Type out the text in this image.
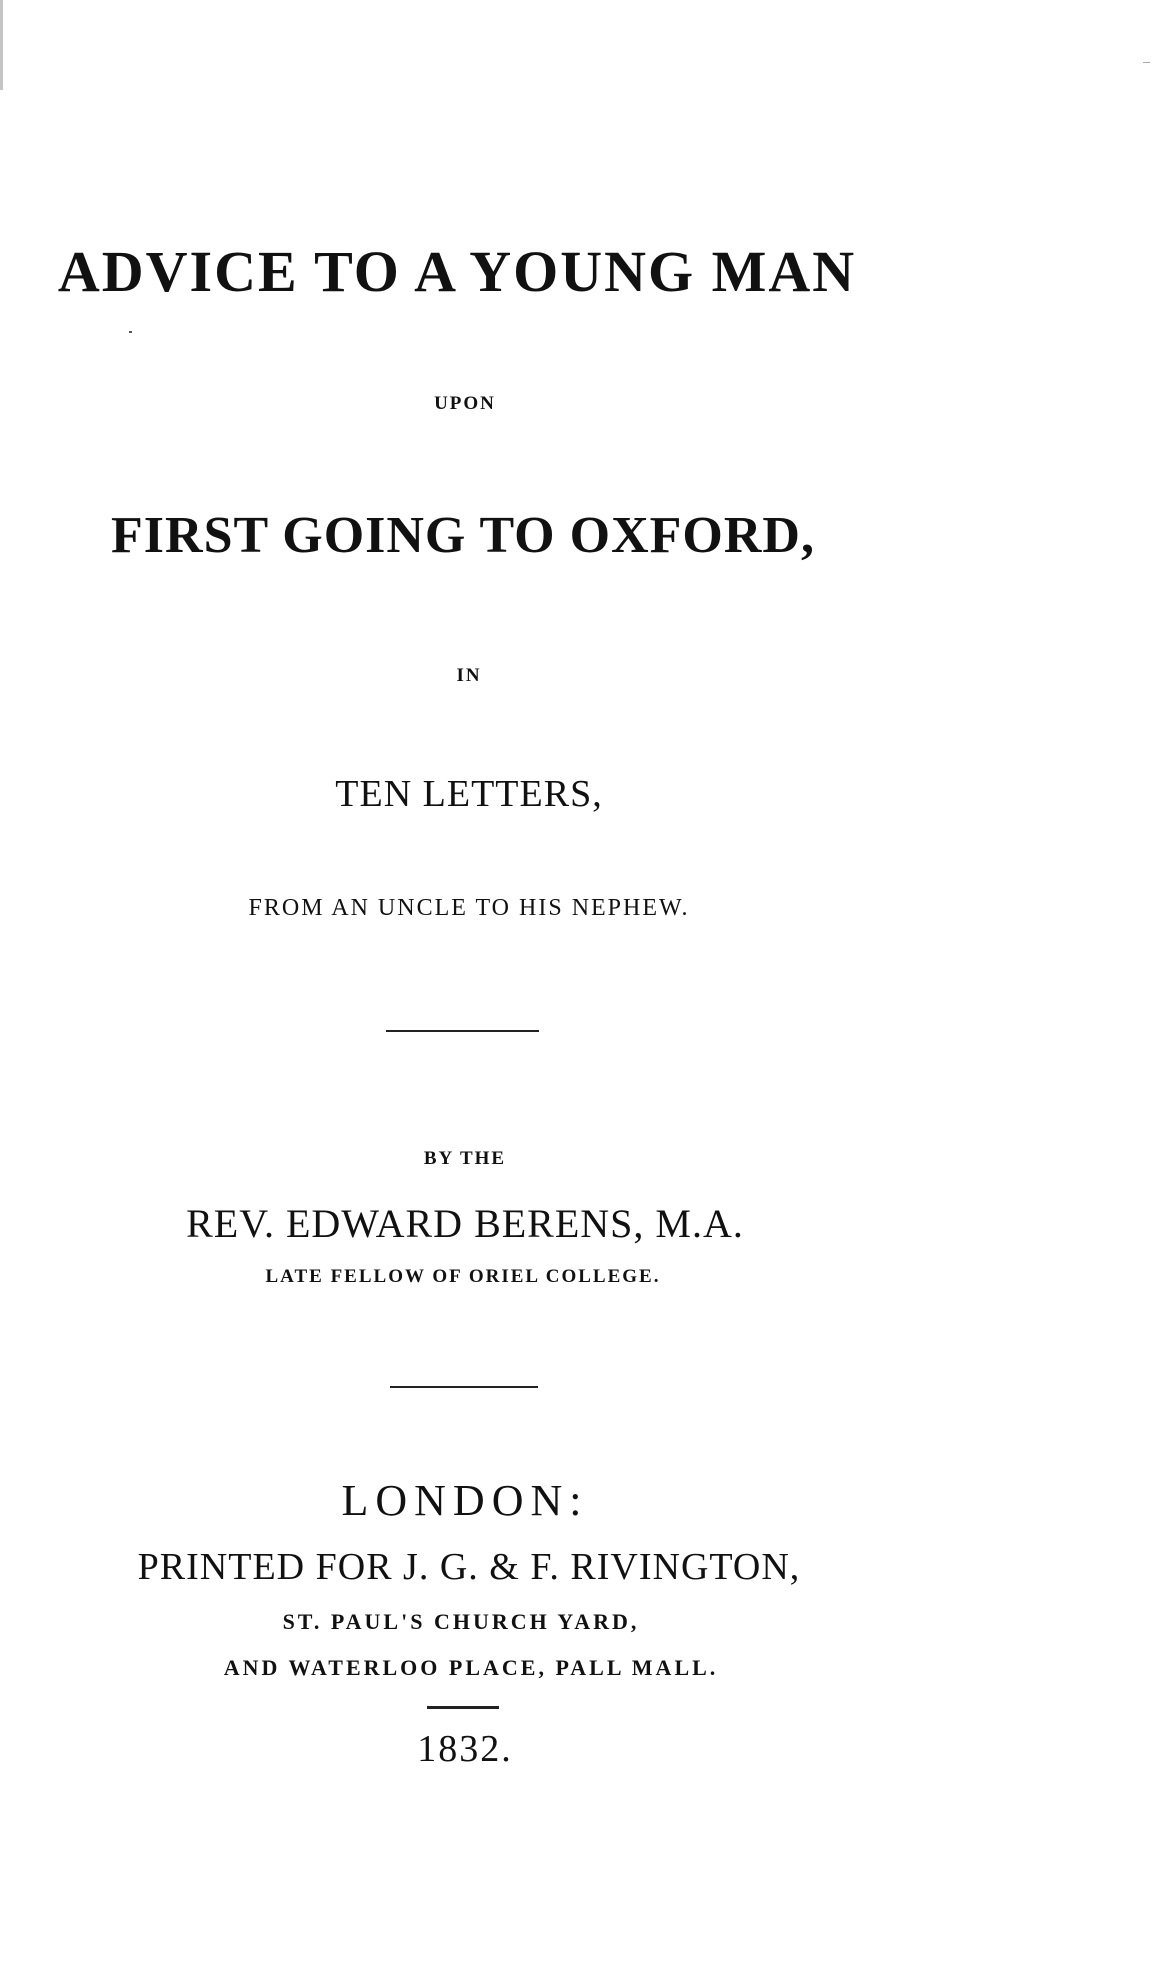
ADVICE TO A YOUNG MAN

UPON

FIRST GOING TO OXFORD,

IN

TEN LETTERS,

FROM AN UNCLE TO HIS NEPHEW.

BY THE

REV. EDWARD BERENS, M.A.

LATE FELLOW OF ORIEL COLLEGE.

LONDON:

PRINTED FOR J. G. & F. RIVINGTON,

ST. PAUL'S CHURCH YARD,

AND WATERLOO PLACE, PALL MALL.

1832.
